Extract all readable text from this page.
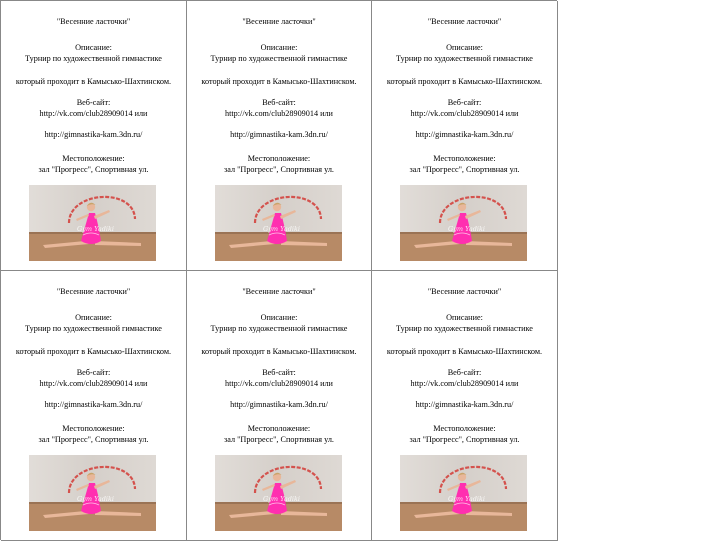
"Весенние ласточки"
Описание:
Турнир по художественной гимнастике
который проходит в Камысько-Шахтинском.
Веб-сайт:
http://vk.com/club28909014 или
http://gimnastika-kam.3dn.ru/
Местоположение:
зал "Прогресс", Спортивная ул.
Gym Yadiki
"Весенние ласточки"
Описание:
Турнир по художественной гимнастике
который проходит в Камысько-Шахтинском.
Веб-сайт:
http://vk.com/club28909014 или
http://gimnastika-kam.3dn.ru/
Местоположение:
зал "Прогресс", Спортивная ул.
Gym Yadiki
"Весенние ласточки"
Описание:
Турнир по художественной гимнастике
который проходит в Камысько-Шахтинском.
Веб-сайт:
http://vk.com/club28909014 или
http://gimnastika-kam.3dn.ru/
Местоположение:
зал "Прогресс", Спортивная ул.
Gym Yadiki
"Весенние ласточки"
Описание:
Турнир по художественной гимнастике
который проходит в Камысько-Шахтинском.
Веб-сайт:
http://vk.com/club28909014 или
http://gimnastika-kam.3dn.ru/
Местоположение:
зал "Прогресс", Спортивная ул.
Gym Yadiki
"Весенние ласточки"
Описание:
Турнир по художественной гимнастике
который проходит в Камысько-Шахтинском.
Веб-сайт:
http://vk.com/club28909014 или
http://gimnastika-kam.3dn.ru/
Местоположение:
зал "Прогресс", Спортивная ул.
Gym Yadiki
"Весенние ласточки"
Описание:
Турнир по художественной гимнастике
который проходит в Камысько-Шахтинском.
Веб-сайт:
http://vk.com/club28909014 или
http://gimnastika-kam.3dn.ru/
Местоположение:
зал "Прогресс", Спортивная ул.
Gym Yadiki
